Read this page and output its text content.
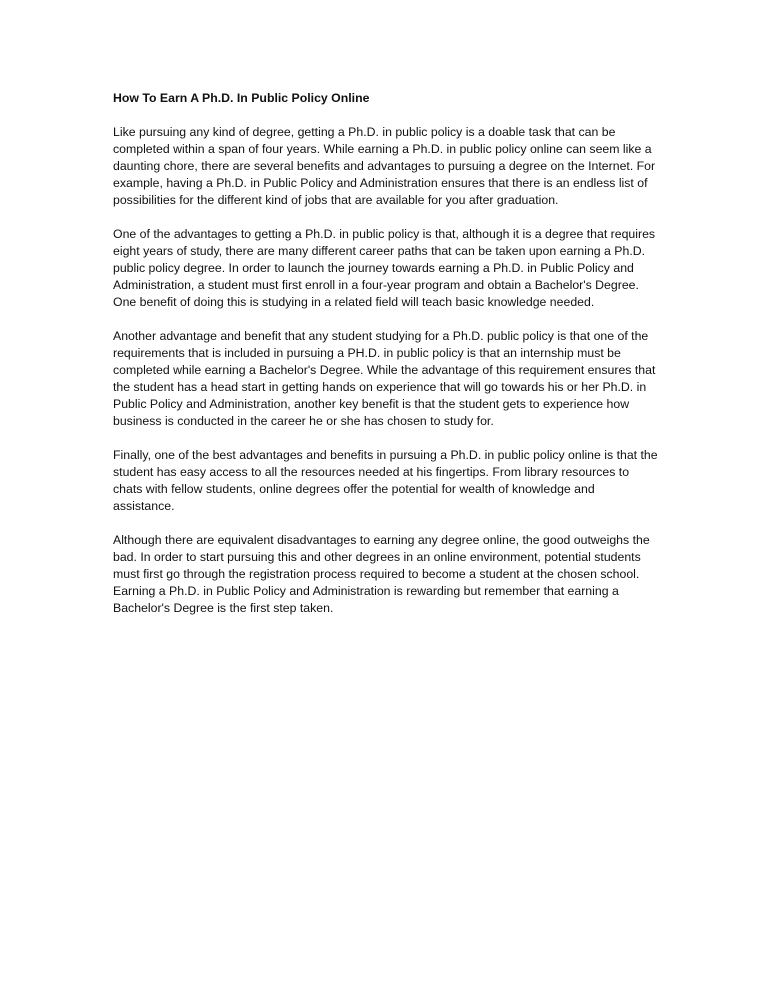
How To Earn A Ph.D. In Public Policy Online

Like pursuing any kind of degree, getting a Ph.D. in public policy is a doable task that can be completed within a span of four years. While earning a Ph.D. in public policy online can seem like a daunting chore, there are several benefits and advantages to pursuing a degree on the Internet. For example, having a Ph.D. in Public Policy and Administration ensures that there is an endless list of possibilities for the different kind of jobs that are available for you after graduation.

One of the advantages to getting a Ph.D. in public policy is that, although it is a degree that requires eight years of study, there are many different career paths that can be taken upon earning a Ph.D. public policy degree. In order to launch the journey towards earning a Ph.D. in Public Policy and Administration, a student must first enroll in a four-year program and obtain a Bachelor's Degree. One benefit of doing this is studying in a related field will teach basic knowledge needed.

Another advantage and benefit that any student studying for a Ph.D. public policy is that one of the requirements that is included in pursuing a PH.D. in public policy is that an internship must be completed while earning a Bachelor's Degree. While the advantage of this requirement ensures that the student has a head start in getting hands on experience that will go towards his or her Ph.D. in Public Policy and Administration, another key benefit is that the student gets to experience how business is conducted in the career he or she has chosen to study for.

Finally, one of the best advantages and benefits in pursuing a Ph.D. in public policy online is that the student has easy access to all the resources needed at his fingertips. From library resources to chats with fellow students, online degrees offer the potential for wealth of knowledge and assistance.

Although there are equivalent disadvantages to earning any degree online, the good outweighs the bad. In order to start pursuing this and other degrees in an online environment, potential students must first go through the registration process required to become a student at the chosen school. Earning a Ph.D. in Public Policy and Administration is rewarding but remember that earning a Bachelor's Degree is the first step taken.
